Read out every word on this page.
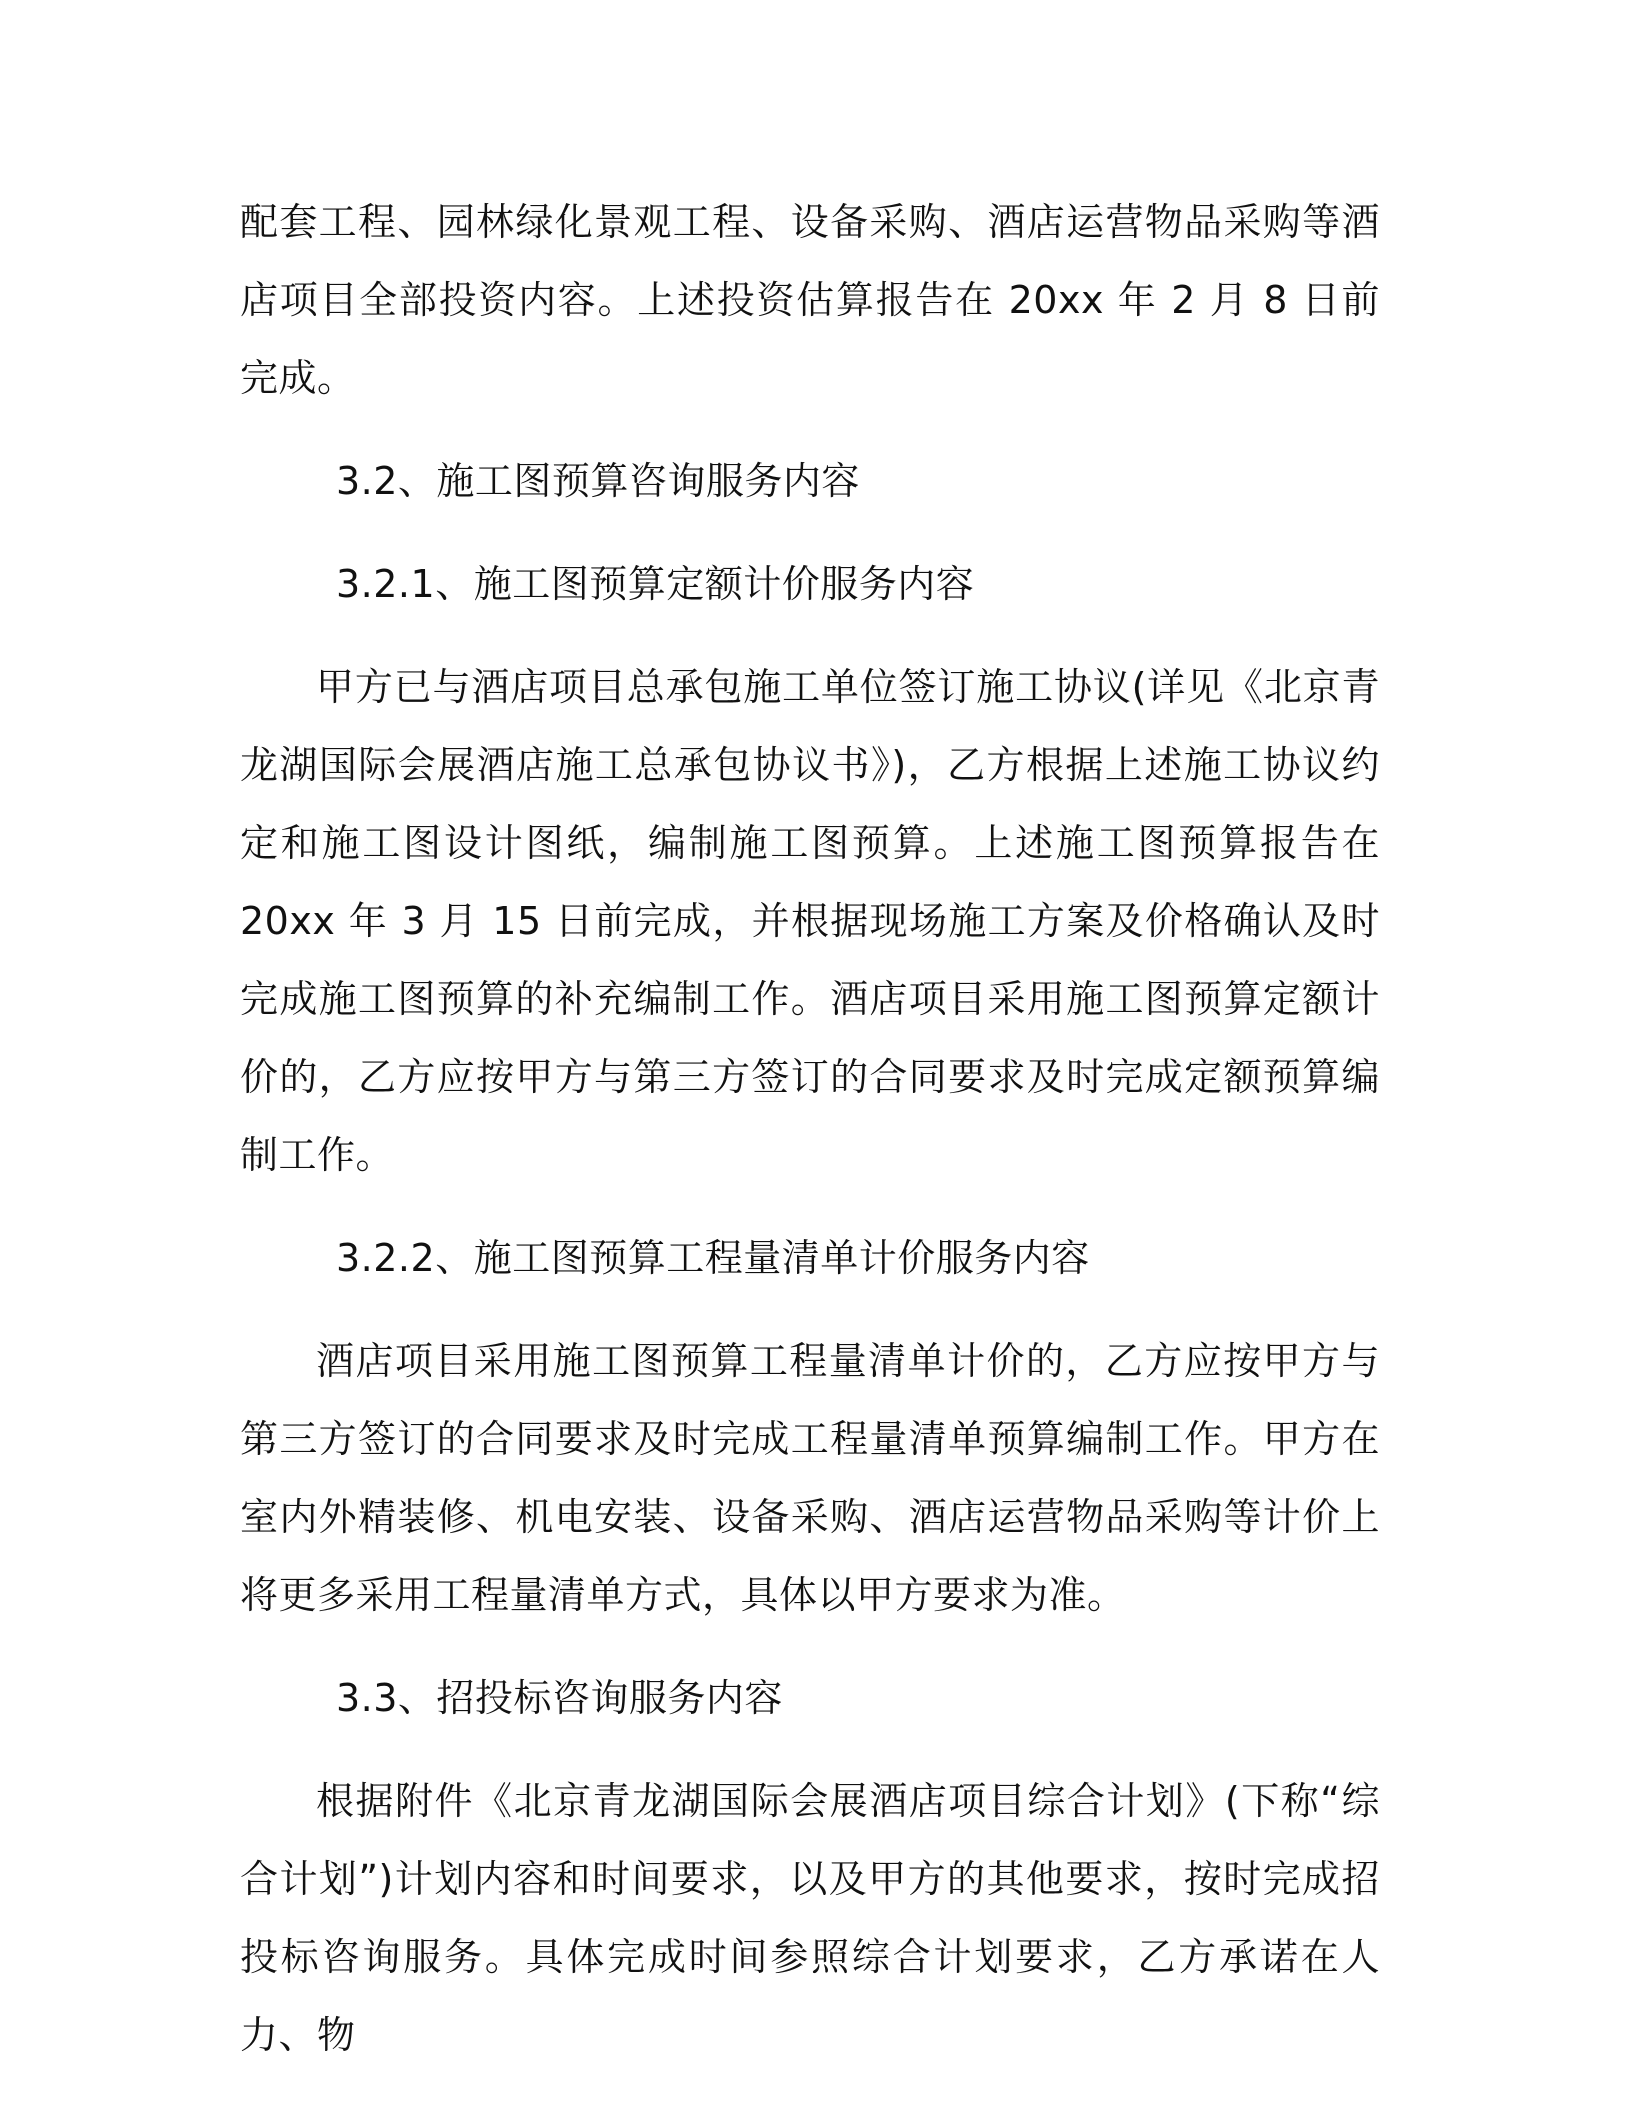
配套工程、园林绿化景观工程、设备采购、酒店运营物品采购等酒店项目全部投资内容。上述投资估算报告在 20xx 年 2 月 8 日前完成。

3.2、施工图预算咨询服务内容

3.2.1、施工图预算定额计价服务内容

甲方已与酒店项目总承包施工单位签订施工协议(详见《北京青龙湖国际会展酒店施工总承包协议书》)，乙方根据上述施工协议约定和施工图设计图纸，编制施工图预算。上述施工图预算报告在 20xx 年 3 月 15 日前完成，并根据现场施工方案及价格确认及时完成施工图预算的补充编制工作。酒店项目采用施工图预算定额计价的，乙方应按甲方与第三方签订的合同要求及时完成定额预算编制工作。

3.2.2、施工图预算工程量清单计价服务内容

酒店项目采用施工图预算工程量清单计价的，乙方应按甲方与第三方签订的合同要求及时完成工程量清单预算编制工作。甲方在室内外精装修、机电安装、设备采购、酒店运营物品采购等计价上将更多采用工程量清单方式，具体以甲方要求为准。

3.3、招投标咨询服务内容

根据附件《北京青龙湖国际会展酒店项目综合计划》(下称“综合计划”)计划内容和时间要求，以及甲方的其他要求，按时完成招投标咨询服务。具体完成时间参照综合计划要求，乙方承诺在人力、物
